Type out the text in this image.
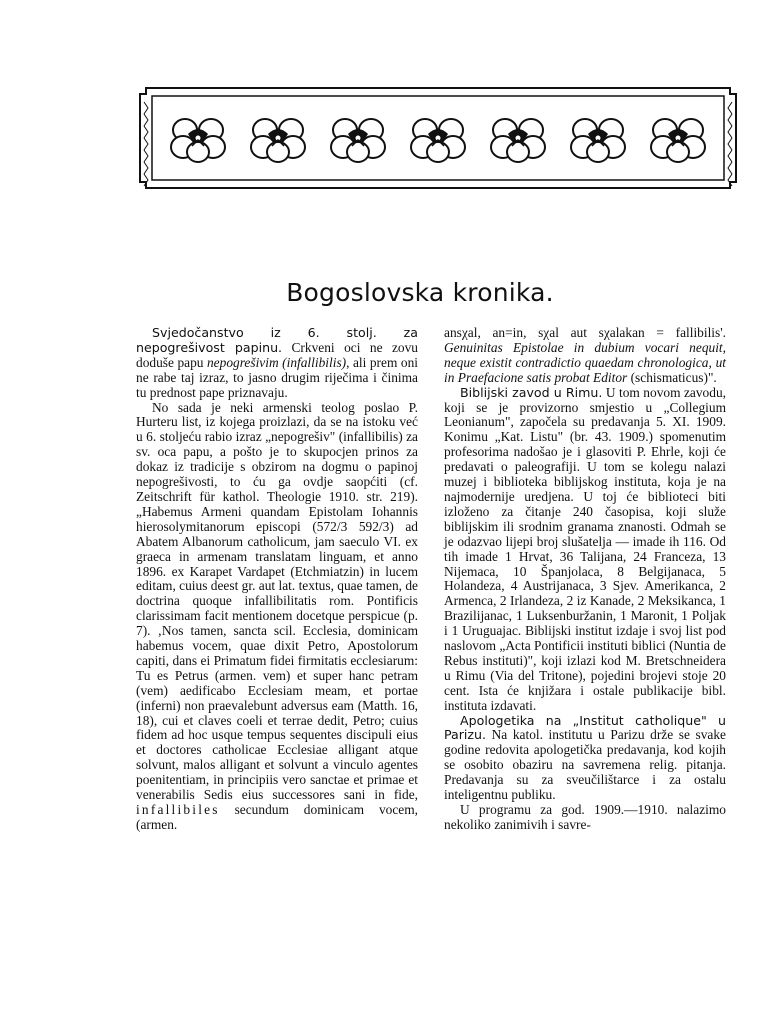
Bogoslovska kronika.

Svjedočanstvo iz 6. stolj. za nepogrešivost papinu. Crkveni oci ne zovu doduše papu nepogrešivim (infallibilis), ali prem oni ne rabe taj izraz, to jasno drugim riječima i činima tu prednost pape priznavaju.

No sada je neki armenski teolog poslao P. Hurteru list, iz kojega proizlazi, da se na istoku već u 6. stoljeću rabio izraz „nepogrešiv" (infallibilis) za sv. oca papu, a pošto je to skupocjen prinos za dokaz iz tradicije s obzirom na dogmu o papinoj nepogrešivosti, to ću ga ovdje saopćiti (cf. Zeitschrift für kathol. Theologie 1910. str. 219). „Habemus Armeni quandam Epistolam Iohannis hierosolymitanorum episcopi (572/3 592/3) ad Abatem Albanorum catholicum, jam saeculo VI. ex graeca in armenam translatam linguam, et anno 1896. ex Karapet Vardapet (Etchmiatzin) in lucem editam, cuius deest gr. aut lat. textus, quae tamen, de doctrina quoque infallibilitatis rom. Pontificis clarissimam facit mentionem docetque perspicue (p. 7). ‚Nos tamen, sancta scil. Ecclesia, dominicam habemus vocem, quae dixit Petro, Apostolorum capiti, dans ei Primatum fidei firmitatis ecclesiarum: Tu es Petrus (armen. vem) et super hanc petram (vem) aedificabo Ecclesiam meam, et portae (inferni) non praevalebunt adversus eam (Matth. 16, 18), cui et claves coeli et terrae dedit, Petro; cuius fidem ad hoc usque tempus sequentes discipuli eius et doctores catholicae Ecclesiae alligant atque solvunt, malos alligant et solvunt a vinculo agentes poenitentiam, in principiis vero sanctae et primae et venerabilis Sedis eius successores sani in fide, infallibiles secundum dominicam vocem, (armen.

ansχal, an=in, sχal aut sχalakan = fallibilis'. Genuinitas Epistolae in dubium vocari nequit, neque existit contradictio quaedam chronologica, ut in Praefacione satis probat Editor (schismaticus)".

Biblijski zavod u Rimu. U tom novom zavodu, koji se je provizorno smjestio u „Collegium Leonianum", započela su predavanja 5. XI. 1909. Konimu „Kat. Listu" (br. 43. 1909.) spomenutim profesorima nadošao je i glasoviti P. Ehrle, koji će predavati o paleografiji. U tom se kolegu nalazi muzej i biblioteka biblijskog instituta, koja je na najmodernije uredjena. U toj će biblioteci biti izloženo za čitanje 240 časopisa, koji služe biblijskim ili srodnim granama znanosti. Odmah se je odazvao lijepi broj slušatelja — imade ih 116. Od tih imade 1 Hrvat, 36 Talijana, 24 Franceza, 13 Nijemaca, 10 Španjolaca, 8 Belgijanaca, 5 Holandeza, 4 Austrijanaca, 3 Sjev. Amerikanca, 2 Armenca, 2 Irlandeza, 2 iz Kanade, 2 Meksikanca, 1 Brazilijanac, 1 Luksenburžanin, 1 Maronit, 1 Poljak i 1 Uruguajac. Biblijski institut izdaje i svoj list pod naslovom „Acta Pontificii instituti biblici (Nuntia de Rebus instituti)", koji izlazi kod M. Bretschneidera u Rimu (Via del Tritone), pojedini brojevi stoje 20 cent. Ista će knjižara i ostale publikacije bibl. instituta izdavati.

Apologetika na „Institut catholique" u Parizu. Na katol. institutu u Parizu drže se svake godine redovita apologetička predavanja, kod kojih se osobito obaziru na savremena relig. pitanja. Predavanja su za sveučilištarce i za ostalu inteligentnu publiku.

U programu za god. 1909.—1910. nalazimo nekoliko zanimivih i savre-
